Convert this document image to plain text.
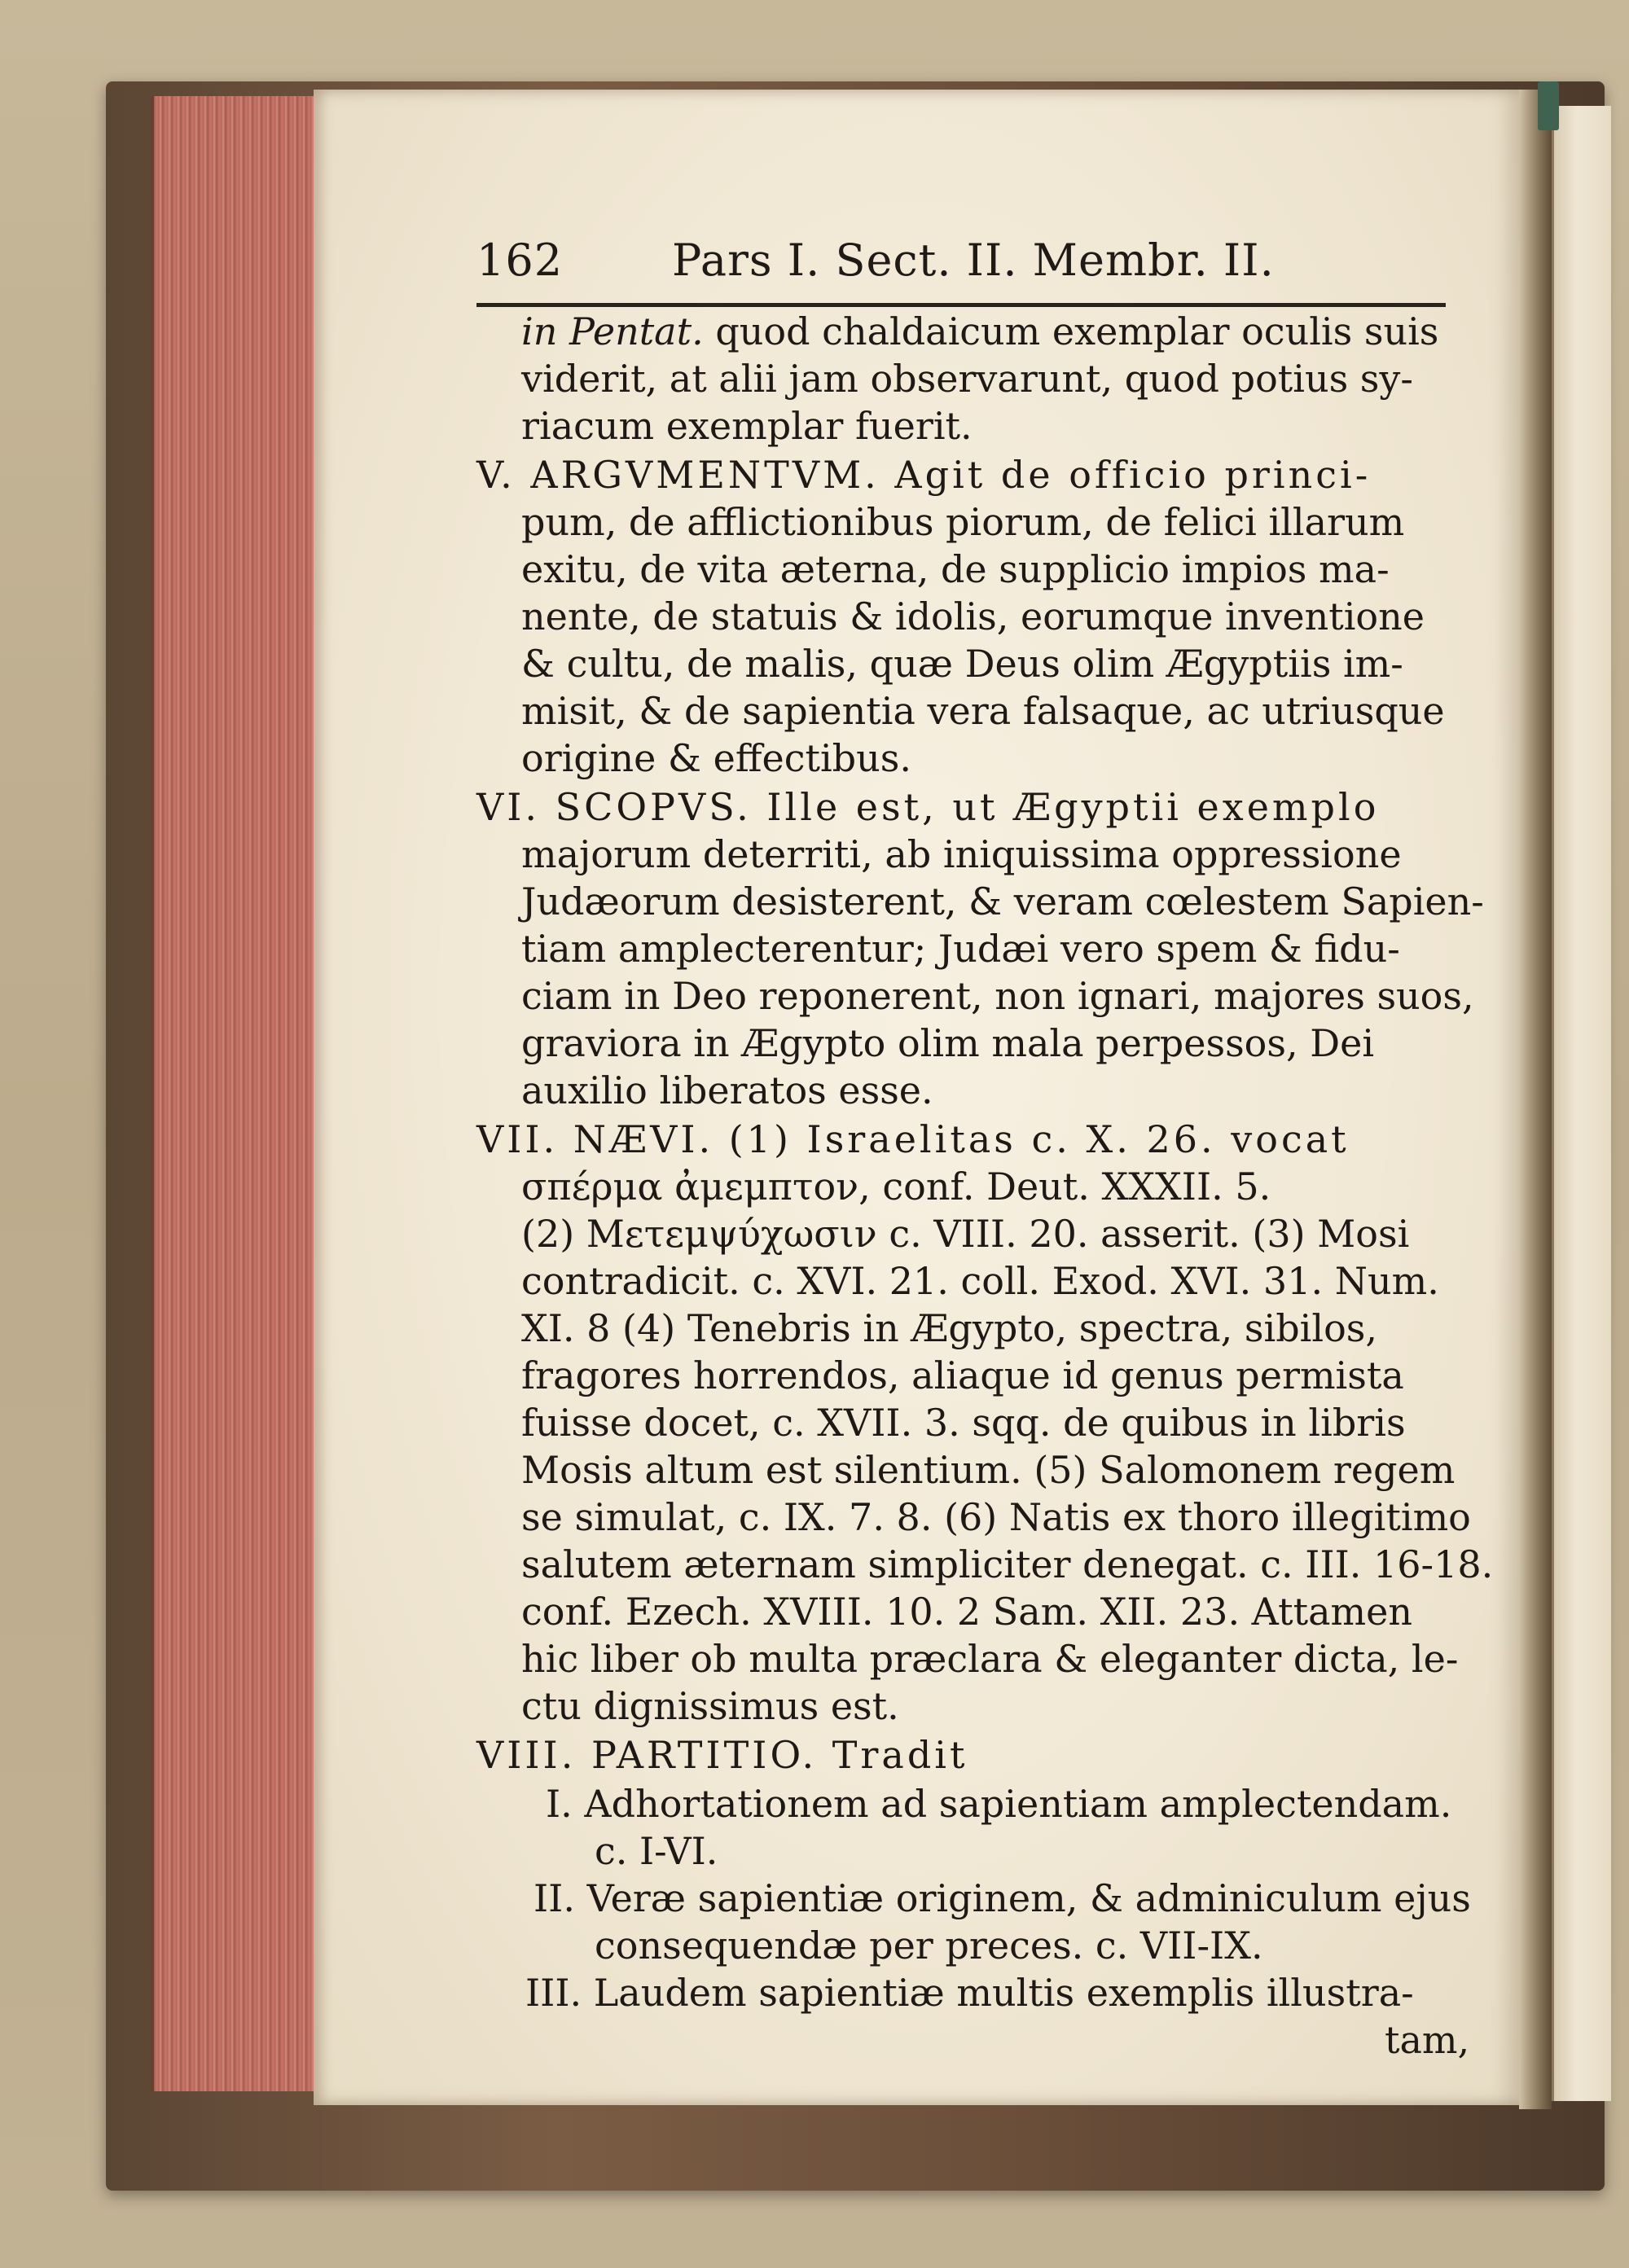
162 Pars I. Sect. II. Membr. II.
in Pentat. quod chaldaicum exemplar oculis suis
viderit, at alii jam observarunt, quod potius sy-
riacum exemplar fuerit.
V. ARGVMENTVM. Agit de officio princi-
pum, de afflictionibus piorum, de felici illarum
exitu, de vita æterna, de supplicio impios ma-
nente, de statuis & idolis, eorumque inventione
& cultu, de malis, quæ Deus olim Ægyptiis im-
misit, & de sapientia vera falsaque, ac utriusque
origine & effectibus.
VI. SCOPVS. Ille est, ut Ægyptii exemplo
majorum deterriti, ab iniquissima oppressione
Judæorum desisterent, & veram cœlestem Sapien-
tiam amplecterentur; Judæi vero spem & fidu-
ciam in Deo reponerent, non ignari, majores suos,
graviora in Ægypto olim mala perpessos, Dei
auxilio liberatos esse.
VII. NÆVI. (1) Israelitas c. X. 26. vocat
σπέρμα ἀμεμπτον, conf. Deut. XXXII. 5.
(2) Μετεμψύχωσιν c. VIII. 20. asserit. (3) Mosi
contradicit. c. XVI. 21. coll. Exod. XVI. 31. Num.
XI. 8 (4) Tenebris in Ægypto, spectra, sibilos,
fragores horrendos, aliaque id genus permista
fuisse docet, c. XVII. 3. sqq. de quibus in libris
Mosis altum est silentium. (5) Salomonem regem
se simulat, c. IX. 7. 8. (6) Natis ex thoro illegitimo
salutem æternam simpliciter denegat. c. III. 16-18.
conf. Ezech. XVIII. 10. 2 Sam. XII. 23. Attamen
hic liber ob multa præclara & eleganter dicta, le-
ctu dignissimus est.
VIII. PARTITIO. Tradit
I. Adhortationem ad sapientiam amplectendam.
c. I-VI.
II. Veræ sapientiæ originem, & adminiculum ejus
consequendæ per preces. c. VII-IX.
III. Laudem sapientiæ multis exemplis illustra-
tam,
